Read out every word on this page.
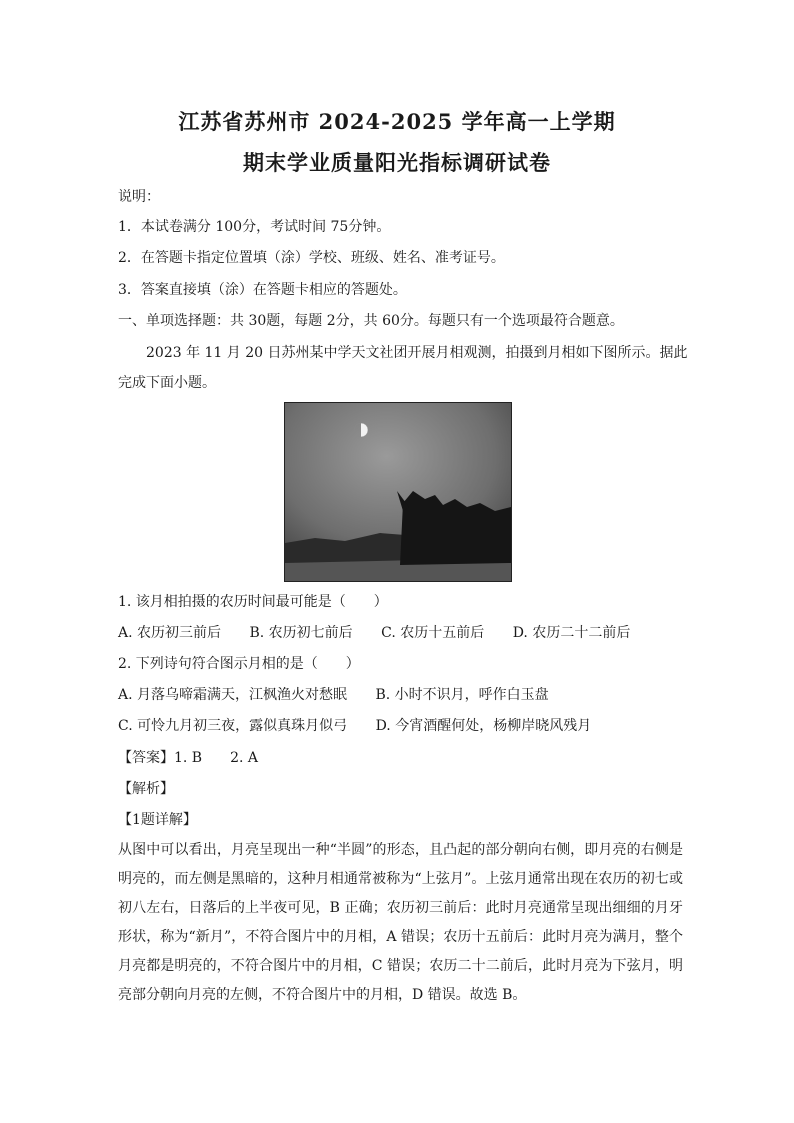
江苏省苏州市 2024-2025 学年高一上学期
期末学业质量阳光指标调研试卷
说明：
1．本试卷满分 100分，考试时间 75分钟。
2．在答题卡指定位置填（涂）学校、班级、姓名、准考证号。
3．答案直接填（涂）在答题卡相应的答题处。
一、单项选择题：共 30题，每题 2分，共 60分。每题只有一个选项最符合题意。
2023 年 11 月 20 日苏州某中学天文社团开展月相观测，拍摄到月相如下图所示。据此
完成下面小题。
1. 该月相拍摄的农历时间最可能是（　　）
A. 农历初三前后 B. 农历初七前后 C. 农历十五前后 D. 农历二十二前后
2. 下列诗句符合图示月相的是（　　）
A. 月落乌啼霜满天，江枫渔火对愁眠 B. 小时不识月，呼作白玉盘
C. 可怜九月初三夜，露似真珠月似弓 D. 今宵酒醒何处，杨柳岸晓风残月
【答案】1. B　　2. A
【解析】
【1题详解】
从图中可以看出，月亮呈现出一种“半圆”的形态，且凸起的部分朝向右侧，即月亮的右侧是明亮的，而左侧是黑暗的，这种月相通常被称为“上弦月”。上弦月通常出现在农历的初七或初八左右，日落后的上半夜可见，B 正确；农历初三前后：此时月亮通常呈现出细细的月牙形状，称为“新月”，不符合图片中的月相，A 错误；农历十五前后：此时月亮为满月，整个月亮都是明亮的，不符合图片中的月相，C 错误；农历二十二前后，此时月亮为下弦月，明亮部分朝向月亮的左侧，不符合图片中的月相，D 错误。故选 B。
